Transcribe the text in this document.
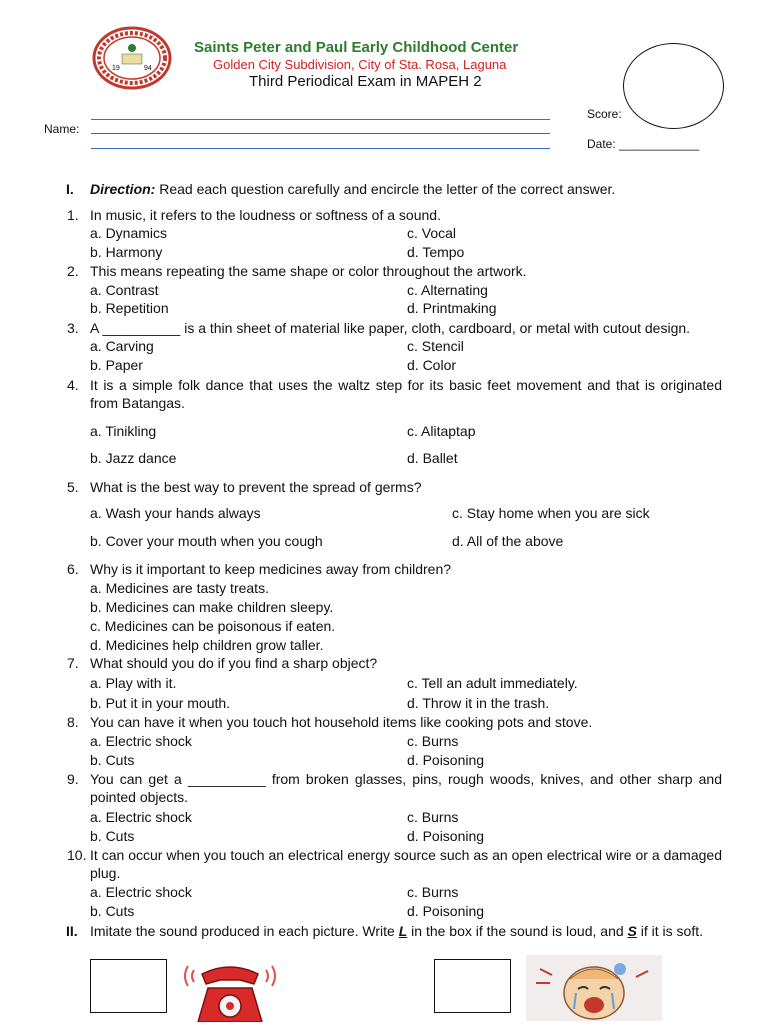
19	94
Saints Peter and Paul Early Childhood Center
Golden City Subdivision, City of Sta. Rosa, Laguna
Third Periodical Exam in MAPEH 2
Name:
Score:
Date: ____________
I. Direction: Read each question carefully and encircle the letter of the correct answer.
1. In music, it refers to the loudness or softness of a sound.
a. Dynamics
b. Harmony
c. Vocal
d. Tempo
2. This means repeating the same shape or color throughout the artwork.
a. Contrast
b. Repetition
c. Alternating
d. Printmaking
3. A __________ is a thin sheet of material like paper, cloth, cardboard, or metal with cutout design.
a. Carving
b. Paper
c. Stencil
d. Color
4. It is a simple folk dance that uses the waltz step for its basic feet movement and that is originated from Batangas.
a. Tinikling
b. Jazz dance
c. Alitaptap
d. Ballet
5. What is the best way to prevent the spread of germs?
a. Wash your hands always
b. Cover your mouth when you cough
c. Stay home when you are sick
d. All of the above
6. Why is it important to keep medicines away from children?
a. Medicines are tasty treats.
b. Medicines can make children sleepy.
c. Medicines can be poisonous if eaten.
d. Medicines help children grow taller.
7. What should you do if you find a sharp object?
a. Play with it.
b. Put it in your mouth.
c. Tell an adult immediately.
d. Throw it in the trash.
8. You can have it when you touch hot household items like cooking pots and stove.
a. Electric shock
b. Cuts
c. Burns
d. Poisoning
9. You can get a __________ from broken glasses, pins, rough woods, knives, and other sharp and pointed objects.
a. Electric shock
b. Cuts
c. Burns
d. Poisoning
10. It can occur when you touch an electrical energy source such as an open electrical wire or a damaged plug.
a. Electric shock
b. Cuts
c. Burns
d. Poisoning
II. Imitate the sound produced in each picture. Write L in the box if the sound is loud, and S if it is soft.
